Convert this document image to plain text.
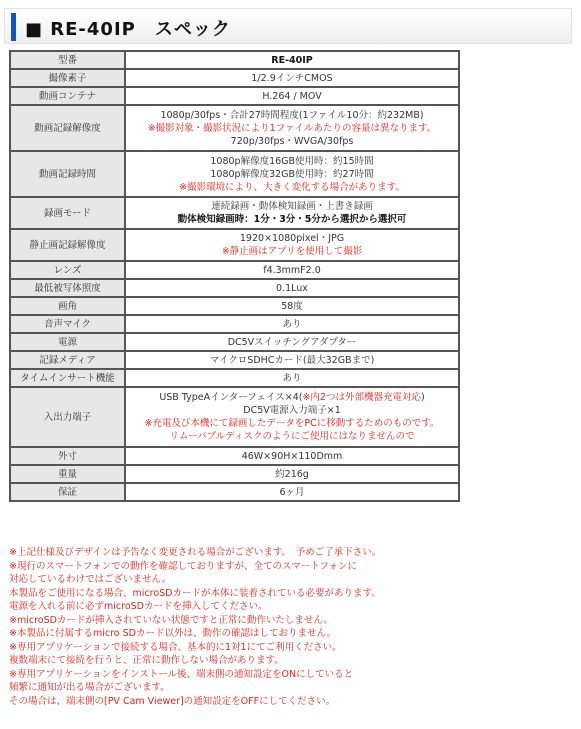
■ RE-40IP　スペック
型番	RE-40IP

撮像素子	1/2.9インチCMOS

動画コンテナ	H.264 / MOV

動画記録解像度	1080p/30fps・合計27時間程度(1ファイル10分：約232MB)
※撮影対象・撮影状況により1ファイルあたりの容量は異なります。
720p/30fps・WVGA/30fps

動画記録時間	1080p解像度16GB使用時：約15時間
1080p解像度32GB使用時：約27時間
※撮影環境により、大きく変化する場合があります。

録画モード	連続録画・動体検知録画・上書き録画
動体検知録画時：1分・3分・5分から選択から選択可

静止画記録解像度	1920×1080pixel・JPG
※静止画はアプリを使用して撮影

レンズ	f4.3mmF2.0

最低被写体照度	0.1Lux

画角	58度

音声マイク	あり

電源	DC5Vスイッチングアダプター

記録メディア	マイクロSDHCカード(最大32GBまで)

タイムインサート機能	あり

入出力端子	USB TypeAインターフェイス×4(※内2つは外部機器充電対応)
DC5V電源入力端子×1
※充電及び本機にて録画したデータをPCに移動するためのものです。
リムーバブルディスクのようにご使用にはなりませんので

外寸	46W×90H×110Dmm

重量	約216g

保証	6ヶ月
※上記仕様及びデザインは予告なく変更される場合がございます。　予めご了承下さい。
※現行のスマートフォンでの動作を確認しておりますが、全てのスマートフォンに
対応しているわけではございません。
本製品をご使用になる場合、microSDカードが本体に装着されている必要があります。
電源を入れる前に必ずmicroSDカードを挿入してください。
※microSDカードが挿入されていない状態ですと正常に動作いたしません。
※本製品に付属するmicro SDカード以外は、動作の確認はしておりません。
※専用アプリケーションで接続する場合、基本的に1対1にてご利用ください。
複数端末にて接続を行うと、正常に動作しない場合があります。
※専用アプリケーションをインストール後、端末側の通知設定をONにしていると
頻繁に通知が出る場合がございます。
その場合は、端末側の[PV Cam Viewer]の通知設定をOFFにしてください。
